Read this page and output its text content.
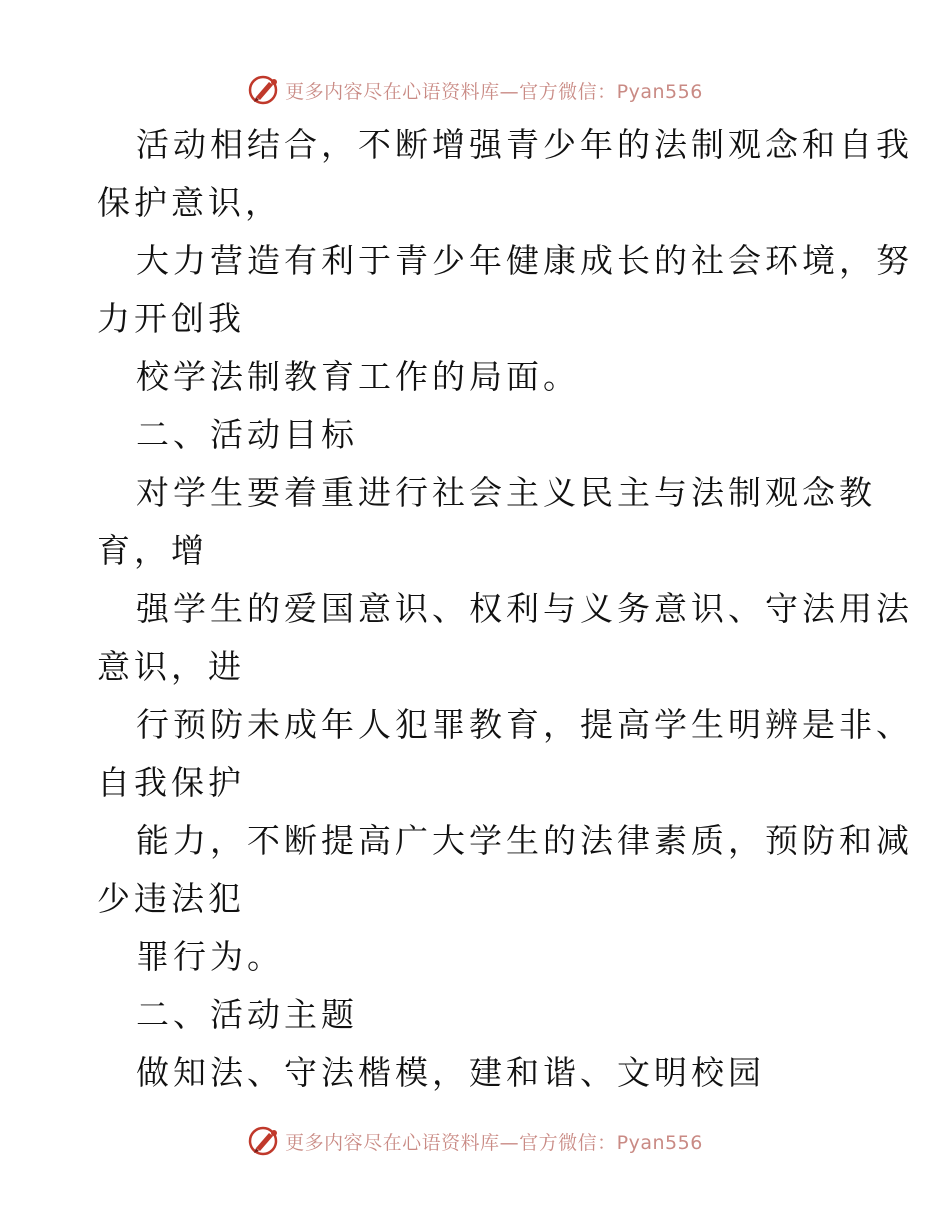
更多内容尽在心语资料库—官方微信：Pyan556
活动相结合，不断增强青少年的法制观念和自我
保护意识，
大力营造有利于青少年健康成长的社会环境，努
力开创我
校学法制教育工作的局面。
二、活动目标
对学生要着重进行社会主义民主与法制观念教
育，增
强学生的爱国意识、权利与义务意识、守法用法
意识，进
行预防未成年人犯罪教育，提高学生明辨是非、
自我保护
能力，不断提高广大学生的法律素质，预防和减
少违法犯
罪行为。
二、活动主题
做知法、守法楷模，建和谐、文明校园
更多内容尽在心语资料库—官方微信：Pyan556
